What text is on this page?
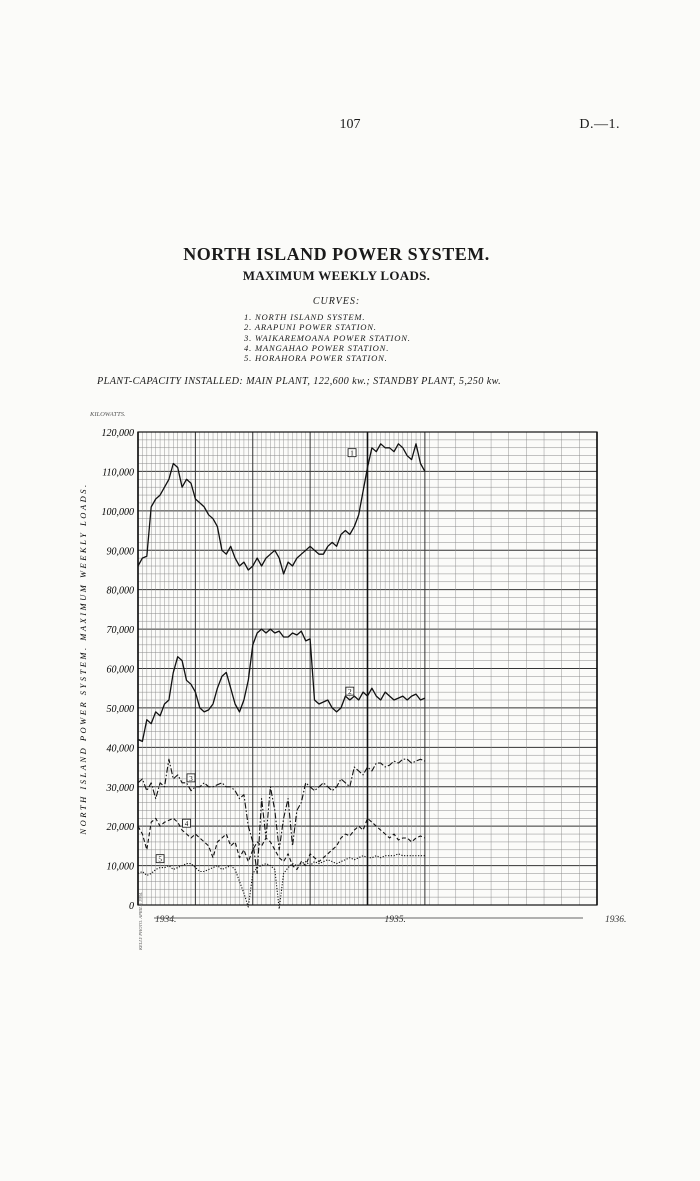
107	D.—1.
NORTH ISLAND POWER SYSTEM.
MAXIMUM WEEKLY LOADS.
CURVES:
1. NORTH ISLAND SYSTEM.
2. ARAPUNI POWER STATION.
3. WAIKAREMOANA POWER STATION.
4. MANGAHAO POWER STATION.
5. HORAHORA POWER STATION.
PLANT-CAPACITY INSTALLED: MAIN PLANT, 122,600 kw.; STANDBY PLANT, 5,250 kw.
0
10,000
20,000
30,000
40,000
50,000
60,000
70,000
80,000
90,000
100,000
110,000
120,000
KILOWATTS.
NORTH ISLAND POWER SYSTEM. MAXIMUM WEEKLY LOADS.
1934.	1935.	1936.
KELLY PHOTO. APRIL 5 1934.
1
2
3
4
5
